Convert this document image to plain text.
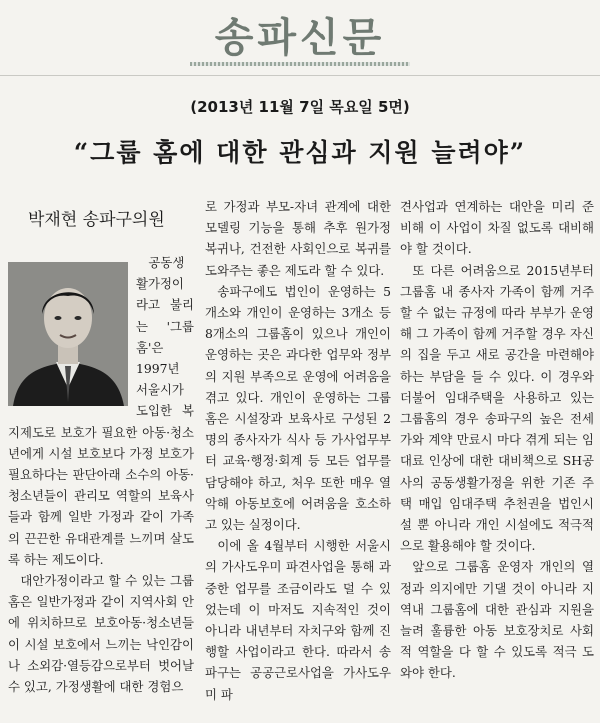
송파신문
(2013년 11월 7일 목요일 5면)
“그룹 홈에 대한 관심과 지원 늘려야”
박재현 송파구의원

공동생활가정이라고 불리는 '그룹홈'은 1997년 서울시가 도입한 복지제도로 보호가 필요한 아동·청소년에게 시설 보호보다 가정 보호가 필요하다는 판단아래 소수의 아동·청소년들이 관리모 역할의 보육사들과 함께 일반 가정과 같이 가족의 끈끈한 유대관계를 느끼며 살도록 하는 제도이다.

대안가정이라고 할 수 있는 그룹홈은 일반가정과 같이 지역사회 안에 위치하므로 보호아동·청소년들이 시설 보호에서 느끼는 낙인감이나 소외감·열등감으로부터 벗어날 수 있고, 가정생활에 대한 경험으

로 가정과 부모-자녀 관계에 대한 모델링 기능을 통해 추후 원가정 복귀나, 건전한 사회인으로 복귀를 도와주는 좋은 제도라 할 수 있다.

송파구에도 법인이 운영하는 5개소와 개인이 운영하는 3개소 등 8개소의 그룹홈이 있으나 개인이 운영하는 곳은 과다한 업무와 정부의 지원 부족으로 운영에 어려움을 겪고 있다. 개인이 운영하는 그룹홈은 시설장과 보육사로 구성된 2명의 종사자가 식사 등 가사업무부터 교육·행정·회계 등 모든 업무를 담당해야 하고, 처우 또한 매우 열악해 아동보호에 어려움을 호소하고 있는 실정이다.

이에 올 4월부터 시행한 서울시의 가사도우미 파견사업을 통해 과중한 업무를 조금이라도 덜 수 있었는데 이 마저도 지속적인 것이 아니라 내년부터 자치구와 함께 진행할 사업이라고 한다. 따라서 송파구는 공공근로사업을 가사도우미 파

견사업과 연계하는 대안을 미리 준비해 이 사업이 차질 없도록 대비해야 할 것이다.

또 다른 어려움으로 2015년부터 그룹홈 내 종사자 가족이 함께 거주할 수 없는 규정에 따라 부부가 운영해 그 가족이 함께 거주할 경우 자신의 집을 두고 새로 공간을 마련해야 하는 부담을 들 수 있다. 이 경우와 더불어 임대주택을 사용하고 있는 그룹홈의 경우 송파구의 높은 전세가와 계약 만료시 마다 겪게 되는 임대료 인상에 대한 대비책으로 SH공사의 공동생활가정을 위한 기존 주택 매입 임대주택 추천권을 법인시설 뿐 아니라 개인 시설에도 적극적으로 활용해야 할 것이다.

앞으로 그룹홈 운영자 개인의 열정과 의지에만 기댈 것이 아니라 지역내 그룹홈에 대한 관심과 지원을 늘려 훌륭한 아동 보호장치로 사회적 역할을 다 할 수 있도록 적극 도와야 한다.
